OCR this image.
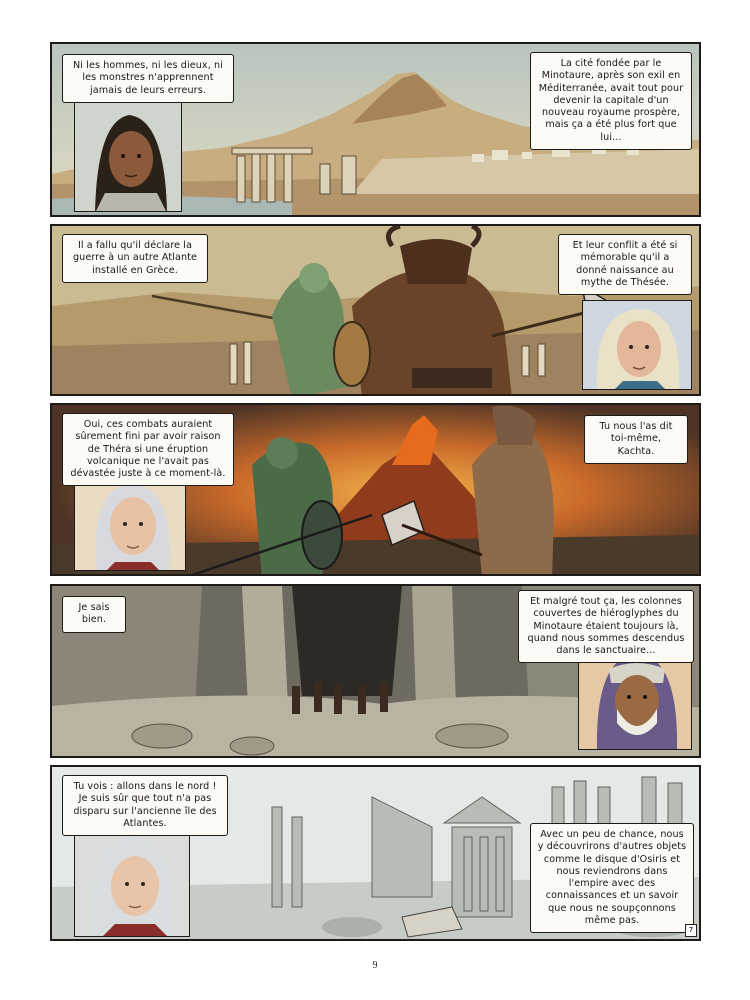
Ni les hommes, ni les dieux, ni les monstres n'apprennent jamais de leurs erreurs.
La cité fondée par le Minotaure, après son exil en Méditerranée, avait tout pour devenir la capitale d'un nouveau royaume prospère, mais ça a été plus fort que lui...
Il a fallu qu'il déclare la guerre à un autre Atlante installé en Grèce.
Et leur conflit a été si mémorable qu'il a donné naissance au mythe de Thésée.
Oui, ces combats auraient sûrement fini par avoir raison de Théra si une éruption volcanique ne l'avait pas dévastée juste à ce moment-là.
Tu nous l'as dit toi-même, Kachta.
Je sais bien.
Et malgré tout ça, les colonnes couvertes de hiéroglyphes du Minotaure étaient toujours là, quand nous sommes descendus dans le sanctuaire...
Tu vois : allons dans le nord ! Je suis sûr que tout n'a pas disparu sur l'ancienne île des Atlantes.
Avec un peu de chance, nous y découvrirons d'autres objets comme le disque d'Osiris et nous reviendrons dans l'empire avec des connaissances et un savoir que nous ne soupçonnons même pas.
7
9
